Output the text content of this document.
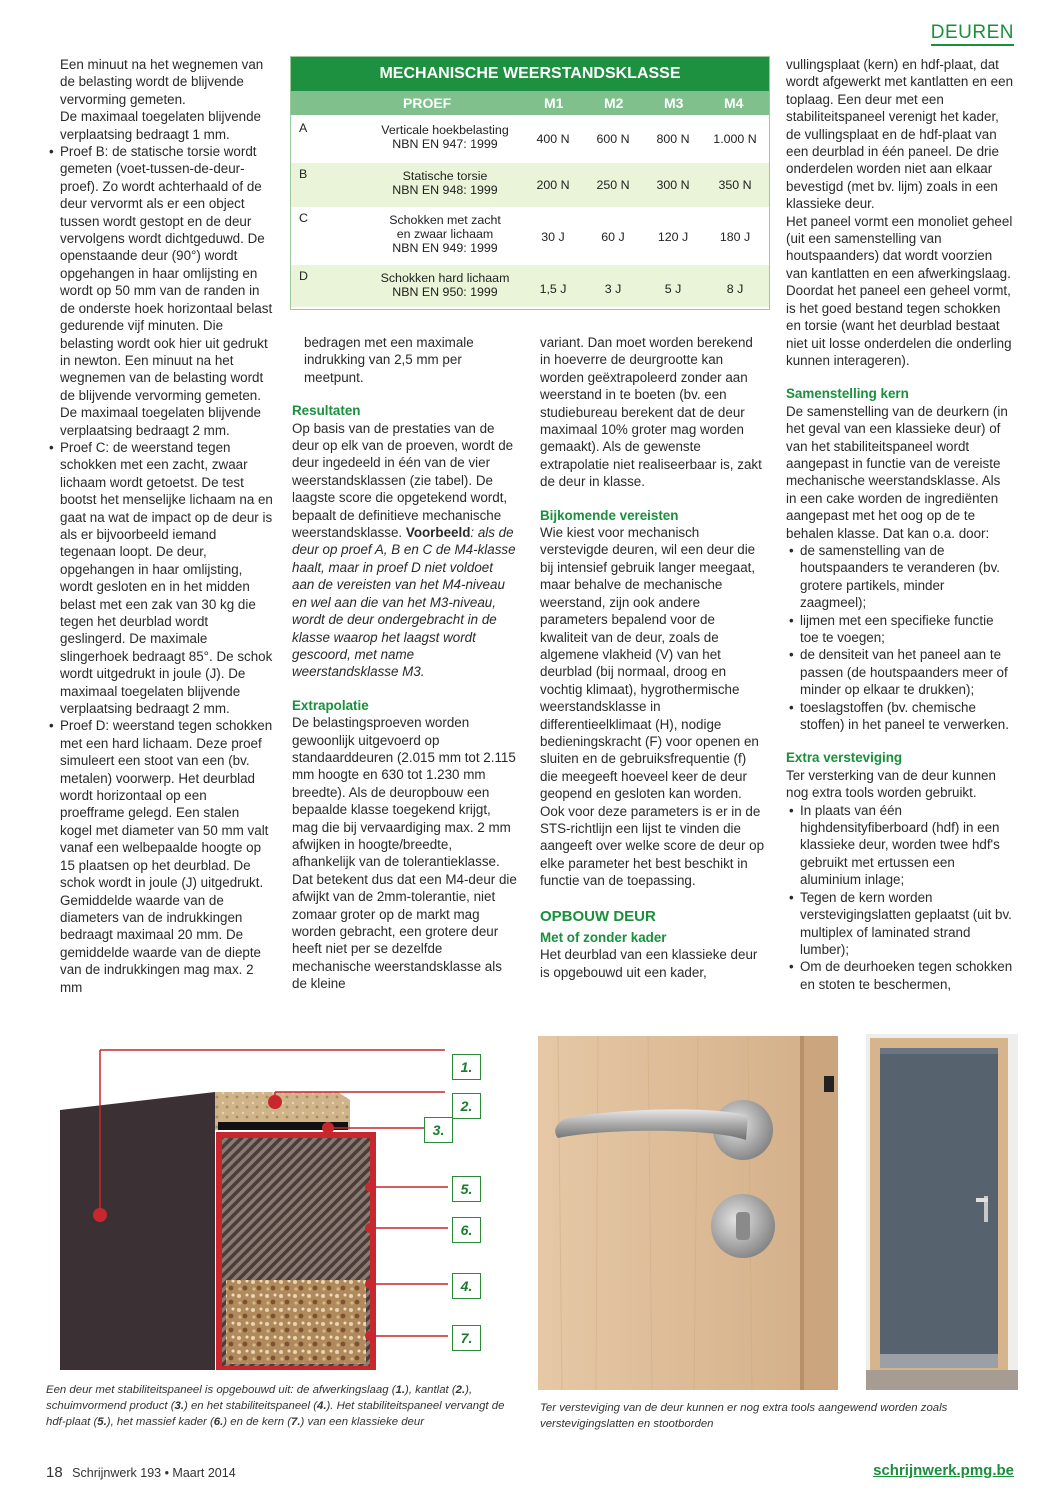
DEUREN

Een minuut na het wegnemen van de belasting wordt de blijvende vervorming gemeten.

De maximaal toegelaten blijvende verplaatsing bedraagt 1 mm.

• Proef B: de statische torsie wordt gemeten (voet-tussen-de-deur-proef). Zo wordt achterhaald of de deur vervormt als er een object tussen wordt gestopt en de deur vervolgens wordt dichtgeduwd. De openstaande deur (90°) wordt opgehangen in haar omlijsting en wordt op 50 mm van de randen in de onderste hoek horizontaal belast gedurende vijf minuten. Die belasting wordt ook hier uit gedrukt in newton. Een minuut na het wegnemen van de belasting wordt de blijvende vervorming gemeten. De maximaal toegelaten blijvende verplaatsing bedraagt 2 mm.

• Proef C: de weerstand tegen schokken met een zacht, zwaar lichaam wordt getoetst. De test bootst het menselijke lichaam na en gaat na wat de impact op de deur is als er bijvoorbeeld iemand tegenaan loopt. De deur, opgehangen in haar omlijsting, wordt gesloten en in het midden belast met een zak van 30 kg die tegen het deurblad wordt geslingerd. De maximale slingerhoek bedraagt 85°. De schok wordt uitgedrukt in joule (J). De maximaal toegelaten blijvende verplaatsing bedraagt 2 mm.

• Proef D: weerstand tegen schokken met een hard lichaam. Deze proef simuleert een stoot van een (bv. metalen) voorwerp. Het deurblad wordt horizontaal op een proefframe gelegd. Een stalen kogel met diameter van 50 mm valt vanaf een welbepaalde hoogte op 15 plaatsen op het deurblad. De schok wordt in joule (J) uitgedrukt. Gemiddelde waarde van de diameters van de indrukkingen bedraagt maximaal 20 mm. De gemiddelde waarde van de diepte van de indrukkingen mag max. 2 mm

MECHANISCHE WEERSTANDSKLASSE
PROEF	M1	M2	M3	M4
A	Verticale hoekbelasting
NBN EN 947: 1999	400 N	600 N	800 N	1.000 N
B	Statische torsie
NBN EN 948: 1999	200 N	250 N	300 N	350 N
C	Schokken met zacht
en zwaar lichaam
NBN EN 949: 1999
30 J	60 J	120 J	180 J
D	Schokken hard lichaam
NBN EN 950: 1999	1,5 J	3 J	5 J	8 J

bedragen met een maximale indrukking van 2,5 mm per meetpunt.

Resultaten

Op basis van de prestaties van de deur op elk van de proeven, wordt de deur ingedeeld in één van de vier weerstandsklassen (zie tabel). De laagste score die opgetekend wordt, bepaalt de definitieve mechanische weerstandsklasse. Voorbeeld: als de deur op proef A, B en C de M4-klasse haalt, maar in proef D niet voldoet aan de vereisten van het M4-niveau en wel aan die van het M3-niveau, wordt de deur ondergebracht in de klasse waarop het laagst wordt gescoord, met name weerstandsklasse M3.

Extrapolatie

De belastingsproeven worden gewoonlijk uitgevoerd op standaarddeuren (2.015 mm tot 2.115 mm hoogte en 630 tot 1.230 mm breedte). Als de deuropbouw een bepaalde klasse toegekend krijgt, mag die bij vervaardiging max. 2 mm afwijken in hoogte/breedte, afhankelijk van de tolerantieklasse. Dat betekent dus dat een M4-deur die afwijkt van de 2mm-tolerantie, niet zomaar groter op de markt mag worden gebracht, een grotere deur heeft niet per se dezelfde mechanische weerstandsklasse als de kleine

variant. Dan moet worden berekend in hoeverre de deurgrootte kan worden geëxtrapoleerd zonder aan weerstand in te boeten (bv. een studiebureau berekent dat de deur maximaal 10% groter mag worden gemaakt). Als de gewenste extrapolatie niet realiseerbaar is, zakt de deur in klasse.

Bijkomende vereisten

Wie kiest voor mechanisch verstevigde deuren, wil een deur die bij intensief gebruik langer meegaat, maar behalve de mechanische weerstand, zijn ook andere parameters bepalend voor de kwaliteit van de deur, zoals de algemene vlakheid (V) van het deurblad (bij normaal, droog en vochtig klimaat), hygrothermische weerstandsklasse in differentieelklimaat (H), nodige bedieningskracht (F) voor openen en sluiten en de gebruiksfrequentie (f) die meegeeft hoeveel keer de deur geopend en gesloten kan worden. Ook voor deze parameters is er in de STS-richtlijn een lijst te vinden die aangeeft over welke score de deur op elke parameter het best beschikt in functie van de toepassing.

OPBOUW DEUR

Met of zonder kader

Het deurblad van een klassieke deur is opgebouwd uit een kader,

vullingsplaat (kern) en hdf-plaat, dat wordt afgewerkt met kantlatten en een toplaag. Een deur met een stabiliteitspaneel verenigt het kader, de vullingsplaat en de hdf-plaat van een deurblad in één paneel. De drie onderdelen worden niet aan elkaar bevestigd (met bv. lijm) zoals in een klassieke deur.

Het paneel vormt een monoliet geheel (uit een samenstelling van houtspaanders) dat wordt voorzien van kantlatten en een afwerkingslaag. Doordat het paneel een geheel vormt, is het goed bestand tegen schokken en torsie (want het deurblad bestaat niet uit losse onderdelen die onderling kunnen interageren).

Samenstelling kern

De samenstelling van de deurkern (in het geval van een klassieke deur) of van het stabiliteitspaneel wordt aangepast in functie van de vereiste mechanische weerstandsklasse. Als in een cake worden de ingrediënten aangepast met het oog op de te behalen klasse. Dat kan o.a. door:

• de samenstelling van de houtspaanders te veranderen (bv. grotere partikels, minder zaagmeel);

• lijmen met een specifieke functie toe te voegen;

• de densiteit van het paneel aan te passen (de houtspaanders meer of minder op elkaar te drukken);

• toeslagstoffen (bv. chemische stoffen) in het paneel te verwerken.

Extra versteviging

Ter versterking van de deur kunnen nog extra tools worden gebruikt.

• In plaats van één highdensityfiberboard (hdf) in een klassieke deur, worden twee hdf's gebruikt met ertussen een aluminium inlage;

• Tegen de kern worden verstevigingslatten geplaatst (uit bv. multiplex of laminated strand lumber);

• Om de deurhoeken tegen schokken en stoten te beschermen,

1.
2.
3.
5.
6.
4.
7.
Een deur met stabiliteitspaneel is opgebouwd uit: de afwerkingslaag (1.), kantlat (2.), schuimvormend product (3.) en het stabiliteitspaneel (4.). Het stabiliteitspaneel vervangt de hdf-plaat (5.), het massief kader (6.) en de kern (7.) van een klassieke deur
Ter versteviging van de deur kunnen er nog extra tools aangewend worden zoals verstevigingslatten en stootborden
18 Schrijnwerk 193 • Maart 2014	schrijnwerk.pmg.be
